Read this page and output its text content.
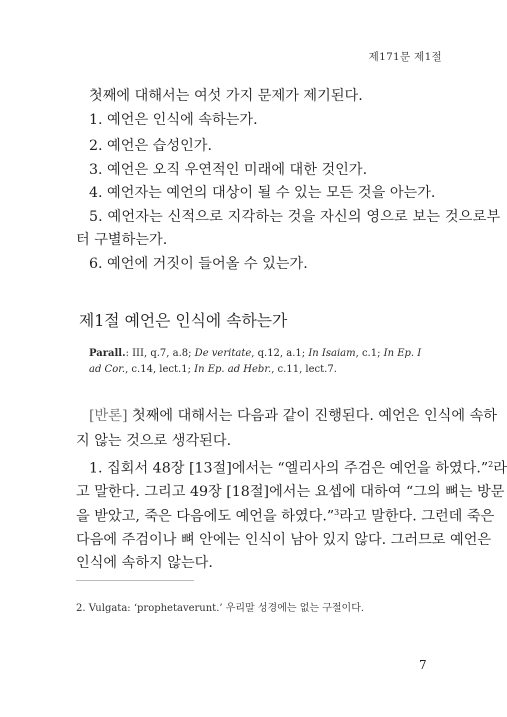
제171문 제1절
첫째에 대해서는 여섯 가지 문제가 제기된다.
1. 예언은 인식에 속하는가.
2. 예언은 습성인가.
3. 예언은 오직 우연적인 미래에 대한 것인가.
4. 예언자는 예언의 대상이 될 수 있는 모든 것을 아는가.
5. 예언자는 신적으로 지각하는 것을 자신의 영으로 보는 것으로부
터 구별하는가.
6. 예언에 거짓이 들어올 수 있는가.
제1절 예언은 인식에 속하는가
Parall.: III, q.7, a.8; De veritate, q.12, a.1; In Isaiam, c.1; In Ep. I ad Cor., c.14, lect.1; In Ep. ad Hebr., c.11, lect.7.
[반론] 첫째에 대해서는 다음과 같이 진행된다. 예언은 인식에 속하
지 않는 것으로 생각된다.
1. 집회서 48장 [13절]에서는 “엘리사의 주검은 예언을 하였다.”$^2$라
고 말한다. 그리고 49장 [18절]에서는 요셉에 대하여 “그의 뼈는 방문
을 받았고, 죽은 다음에도 예언을 하였다.”$^3$라고 말한다. 그런데 죽은
다음에 주검이나 뼈 안에는 인식이 남아 있지 않다. 그러므로 예언은
인식에 속하지 않는다.
2. Vulgata: ‘prophetaverunt.’ 우리말 성경에는 없는 구절이다.
7
